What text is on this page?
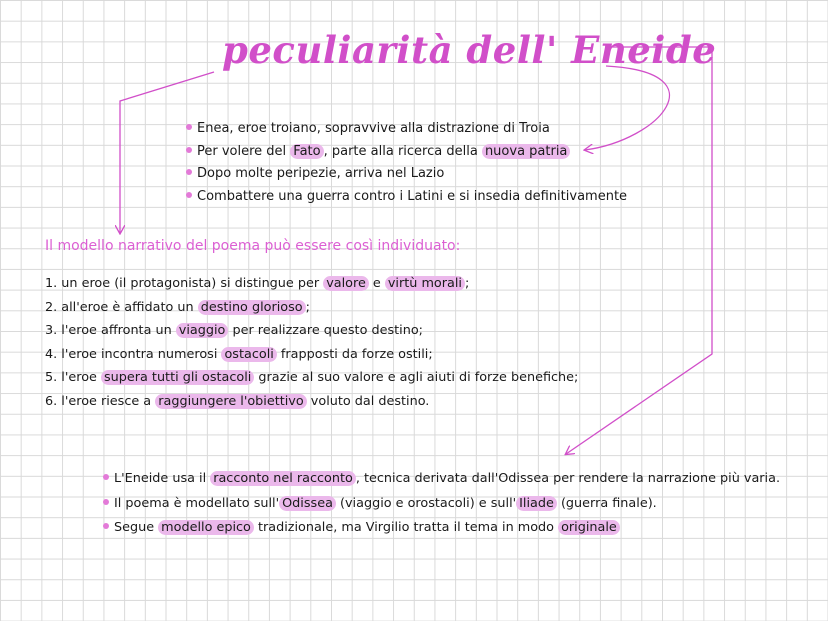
peculiarità dell' Eneide
Enea, eroe troiano, sopravvive alla distrazione di Troia
Per volere del Fato , parte alla ricerca della nuova patria
Dopo molte peripezie, arriva nel Lazio
Combattere una guerra contro i Latini e si insedia definitivamente

Il modello narrativo del poema può essere così individuato:

1. un eroe (il protagonista) si distingue per valore e virtù morali ;
2. all'eroe è affidato un destino glorioso ;
3. l'eroe affronta un viaggio per realizzare questo destino;
4. l'eroe incontra numerosi ostacoli frapposti da forze ostili;
5. l'eroe supera tutti gli ostacoli grazie al suo valore e agli aiuti di forze benefiche;
6. l'eroe riesce a raggiungere l'obiettivo voluto dal destino.
L'Eneide usa il racconto nel racconto , tecnica derivata dall'Odissea per rendere la narrazione più varia.
Il poema è modellato sull' Odissea (viaggio e orostacoli) e sull' Iliade (guerra finale).
Segue modello epico tradizionale, ma Virgilio tratta il tema in modo originale
